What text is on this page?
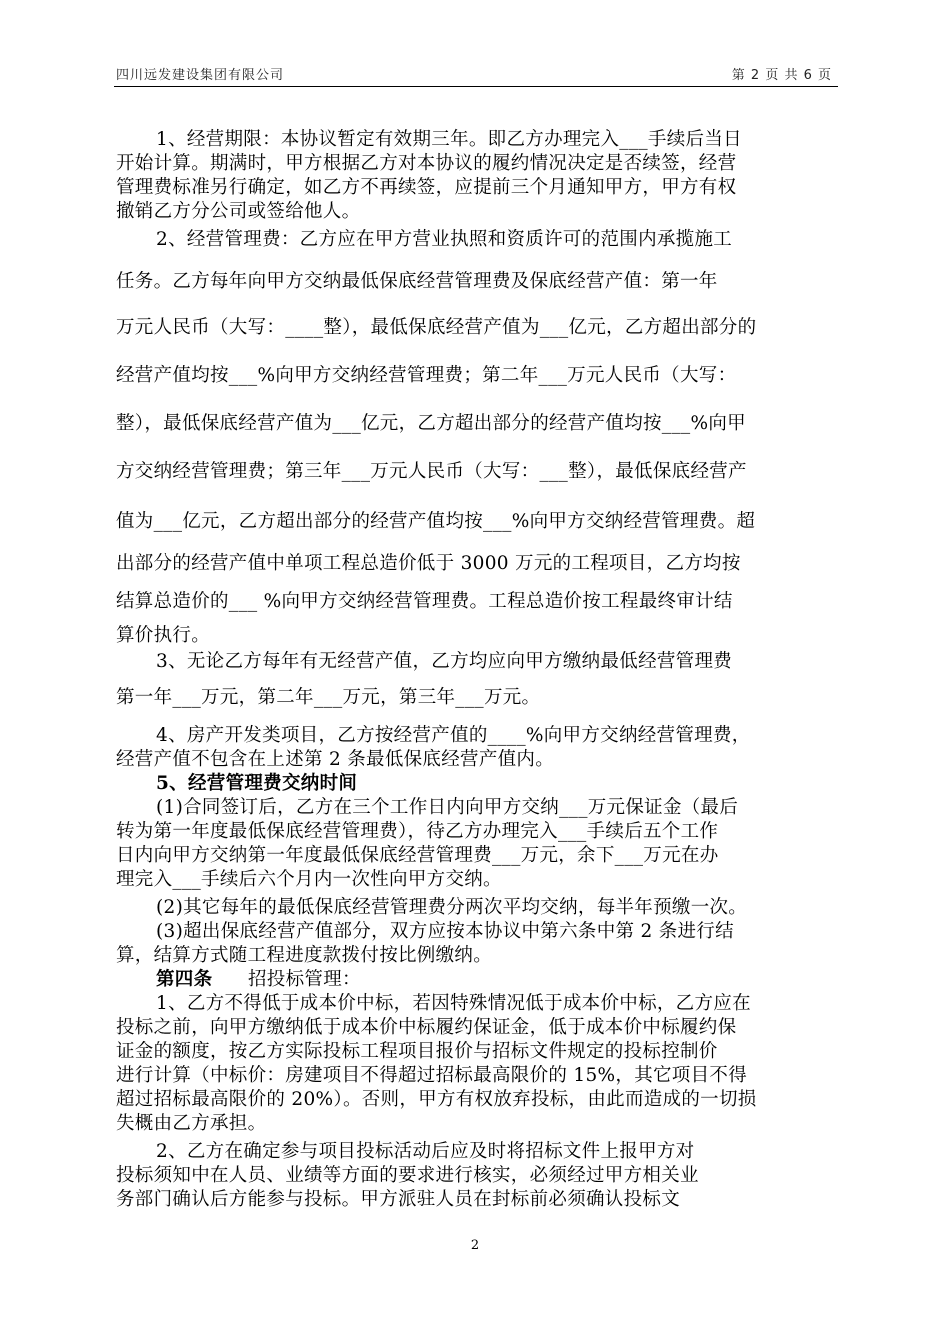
四川远发建设集团有限公司	第 2 页 共 6 页
1、经营期限：本协议暂定有效期三年。即乙方办理完入___手续后当日
开始计算。期满时，甲方根据乙方对本协议的履约情况决定是否续签，经营
管理费标准另行确定，如乙方不再续签，应提前三个月通知甲方，甲方有权
撤销乙方分公司或签给他人。
2、经营管理费：乙方应在甲方营业执照和资质许可的范围内承揽施工
任务。乙方每年向甲方交纳最低保底经营管理费及保底经营产值：第一年
万元人民币（大写：____整），最低保底经营产值为___亿元，乙方超出部分的
经营产值均按___%向甲方交纳经营管理费；第二年___万元人民币（大写：
整），最低保底经营产值为___亿元，乙方超出部分的经营产值均按___%向甲
方交纳经营管理费；第三年___万元人民币（大写：___整），最低保底经营产
值为___亿元，乙方超出部分的经营产值均按___%向甲方交纳经营管理费。超
出部分的经营产值中单项工程总造价低于 3000 万元的工程项目，乙方均按
结算总造价的___ %向甲方交纳经营管理费。工程总造价按工程最终审计结
算价执行。
3、无论乙方每年有无经营产值，乙方均应向甲方缴纳最低经营管理费
第一年___万元，第二年___万元，第三年___万元。
4、房产开发类项目，乙方按经营产值的____%向甲方交纳经营管理费，
经营产值不包含在上述第 2 条最低保底经营产值内。
5、经营管理费交纳时间
(1)合同签订后，乙方在三个工作日内向甲方交纳___万元保证金（最后
转为第一年度最低保底经营管理费），待乙方办理完入___手续后五个工作
日内向甲方交纳第一年度最低保底经营管理费___万元，余下___万元在办
理完入___手续后六个月内一次性向甲方交纳。
(2)其它每年的最低保底经营管理费分两次平均交纳，每半年预缴一次。
(3)超出保底经营产值部分，双方应按本协议中第六条中第 2 条进行结
算，结算方式随工程进度款拨付按比例缴纳。
第四条 招投标管理：
1、乙方不得低于成本价中标，若因特殊情况低于成本价中标，乙方应在
投标之前，向甲方缴纳低于成本价中标履约保证金，低于成本价中标履约保
证金的额度，按乙方实际投标工程项目报价与招标文件规定的投标控制价
进行计算（中标价：房建项目不得超过招标最高限价的 15%，其它项目不得
超过招标最高限价的 20%）。否则，甲方有权放弃投标，由此而造成的一切损
失概由乙方承担。
2、乙方在确定参与项目投标活动后应及时将招标文件上报甲方对
投标须知中在人员、业绩等方面的要求进行核实，必须经过甲方相关业
务部门确认后方能参与投标。甲方派驻人员在封标前必须确认投标文
2
